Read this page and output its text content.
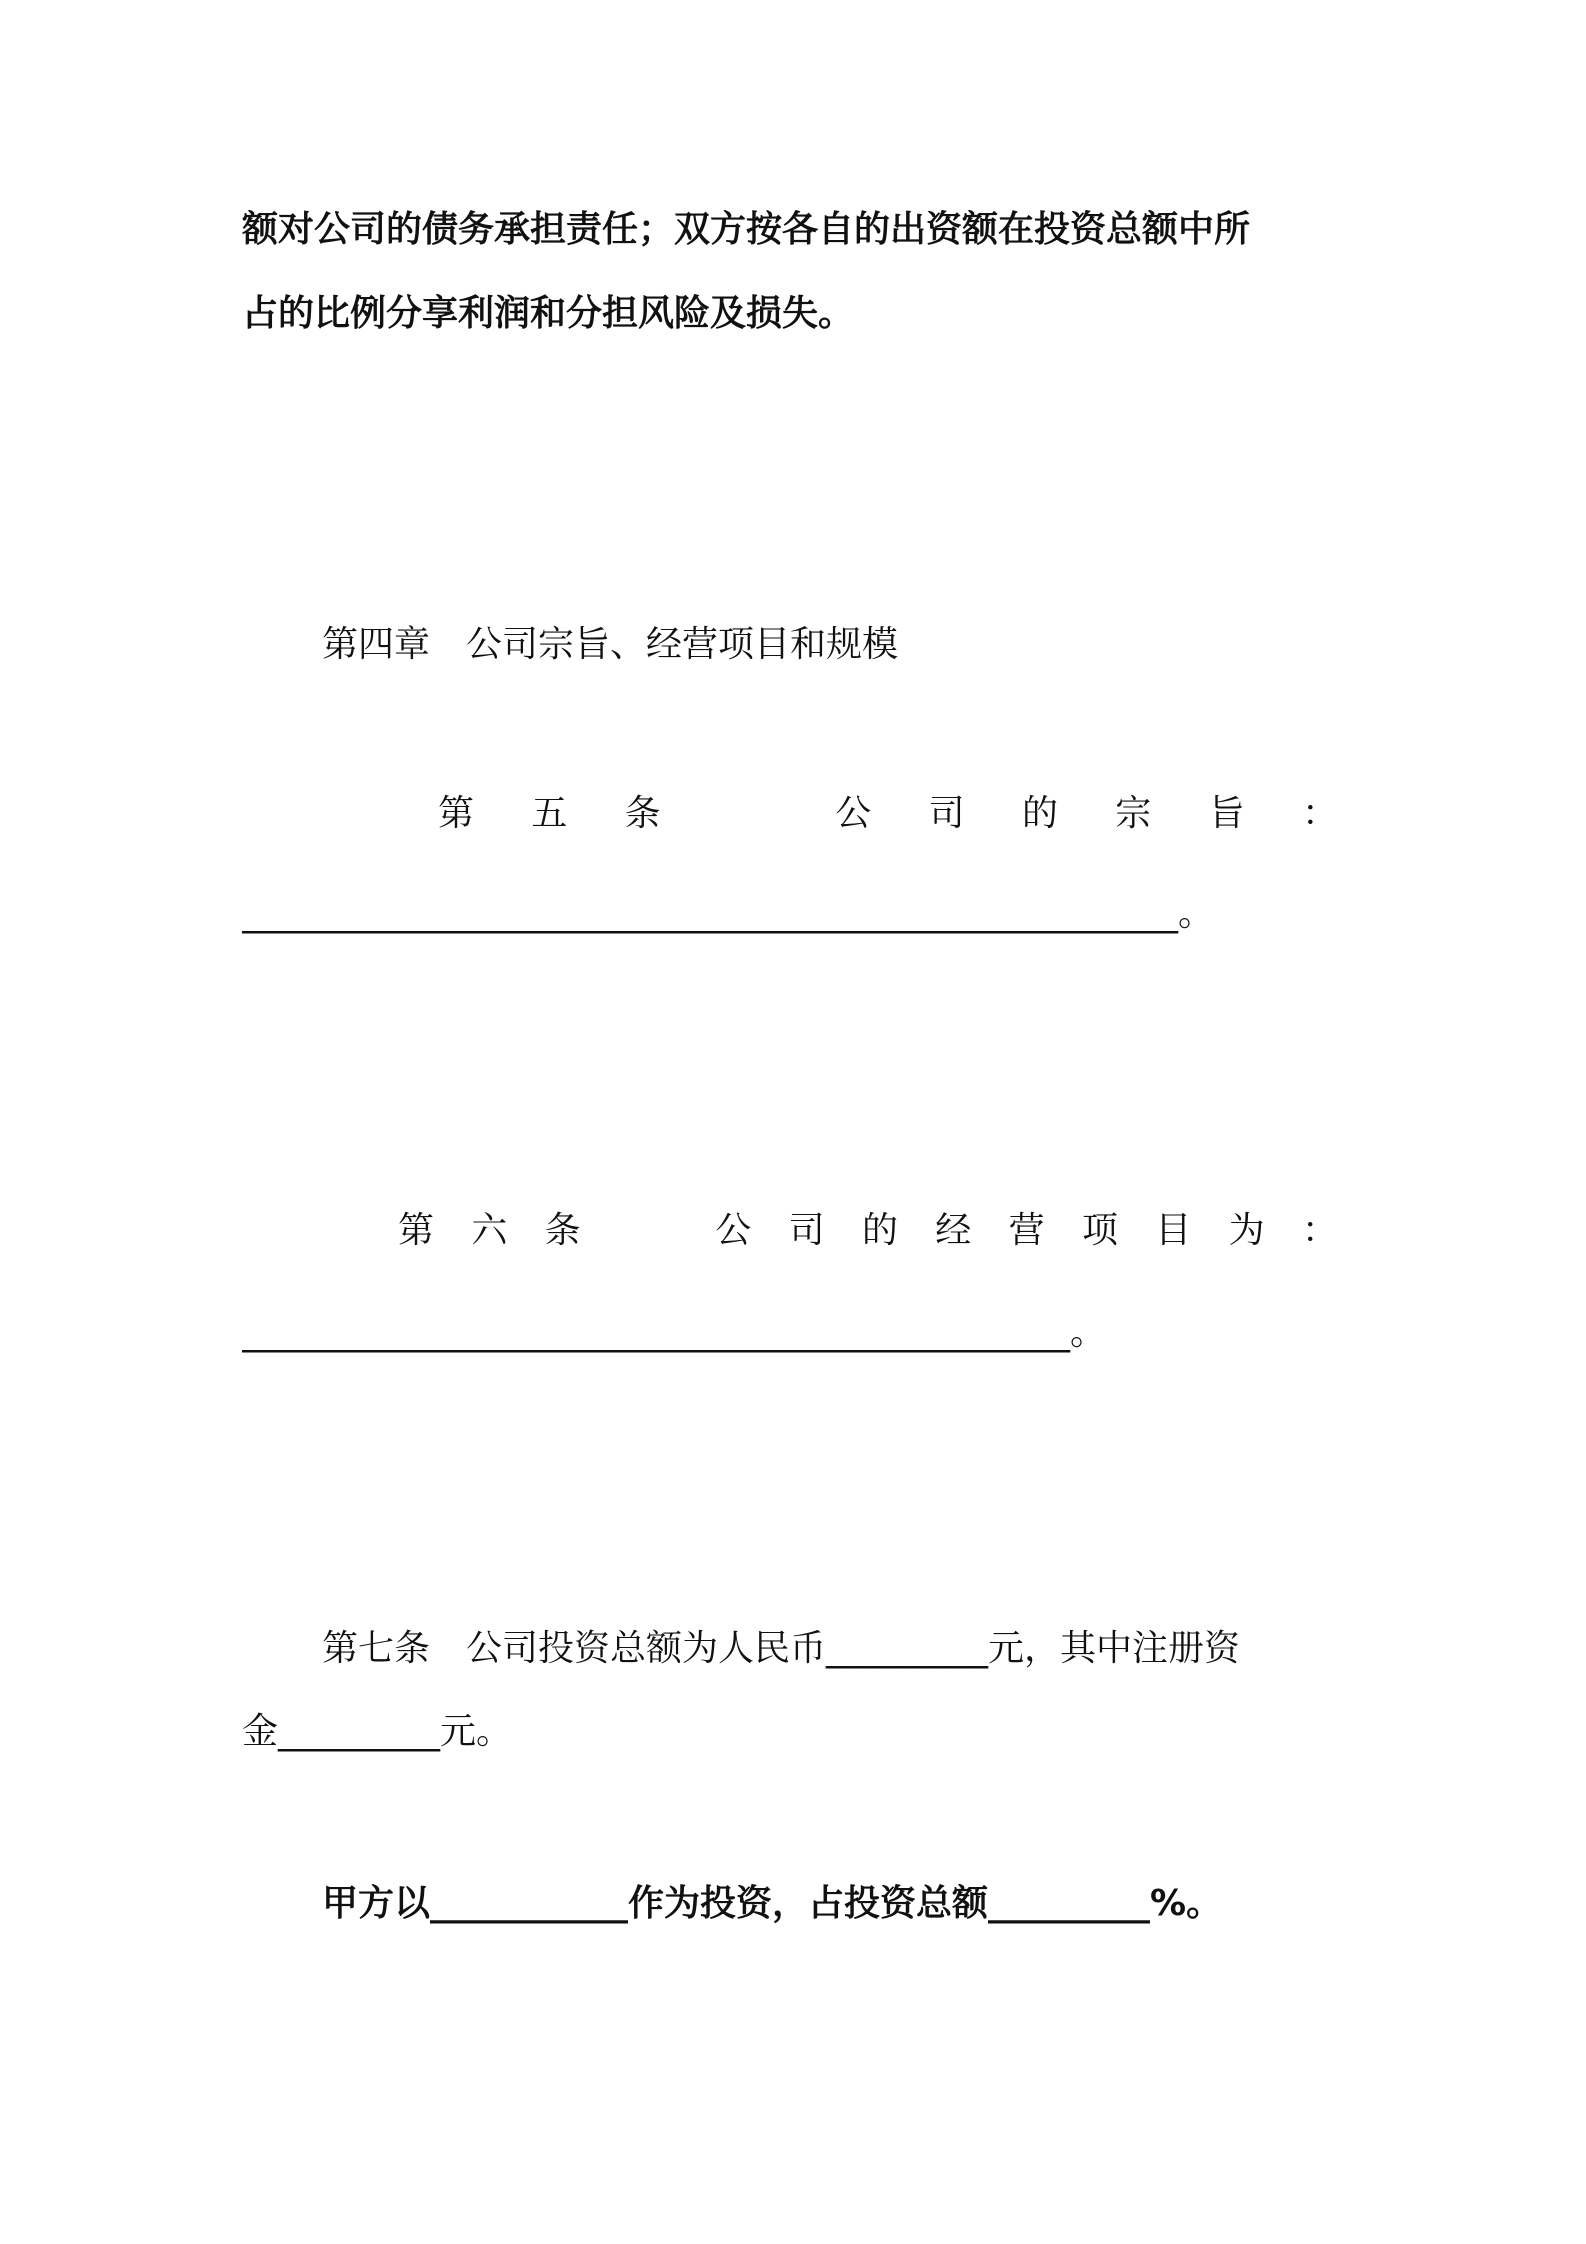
额对公司的债务承担责任；双方按各自的出资额在投资总额中所
占的比例分享利润和分担风险及损失。
第四章　公司宗旨、经营项目和规模
第 五 条	公 司 的 宗 旨 ：
____________________________________________________。
第 六 条	公 司 的 经 营 项 目 为 ：
______________________________________________。
第七条　公司投资总额为人民币_________元，其中注册资
金_________元。
甲方以___________作为投资，占投资总额_________%。
